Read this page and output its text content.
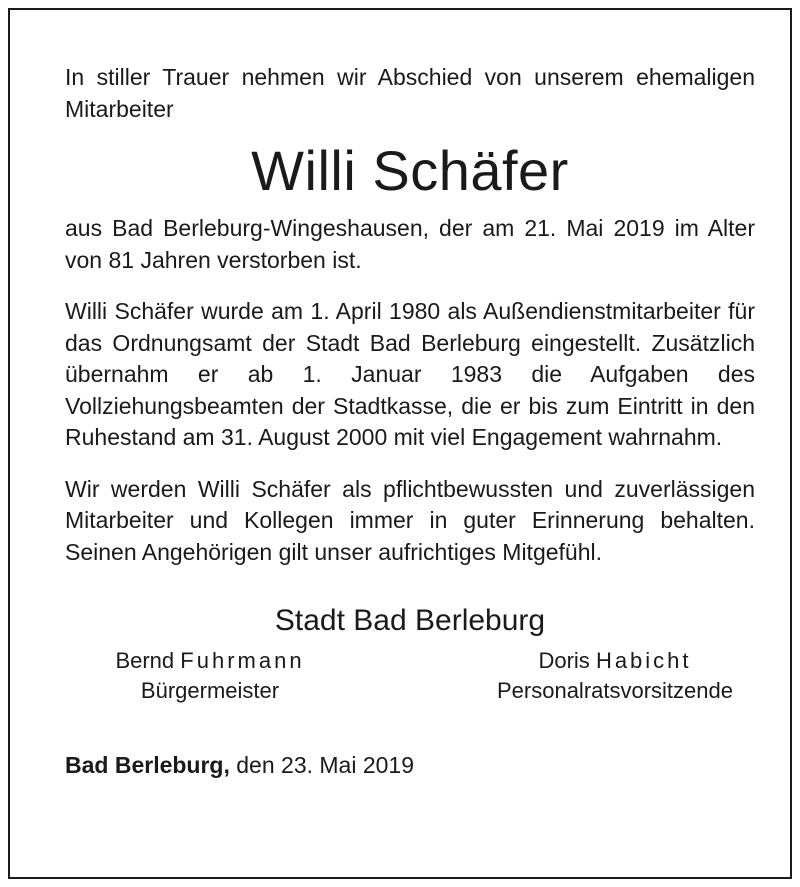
In stiller Trauer nehmen wir Abschied von unserem ehemaligen Mitarbeiter

Willi Schäfer

aus Bad Berleburg-Wingeshausen, der am 21. Mai 2019 im Alter von 81 Jahren verstorben ist.

Willi Schäfer wurde am 1. April 1980 als Außendienstmitarbeiter für das Ordnungsamt der Stadt Bad Berleburg eingestellt. Zusätzlich übernahm er ab 1. Januar 1983 die Aufgaben des Vollziehungsbeamten der Stadtkasse, die er bis zum Eintritt in den Ruhestand am 31. August 2000 mit viel Engagement wahrnahm.

Wir werden Willi Schäfer als pflichtbewussten und zuverlässigen Mitarbeiter und Kollegen immer in guter Erinnerung behalten. Seinen Angehörigen gilt unser aufrichtiges Mitgefühl.

Stadt Bad Berleburg
Bernd Fuhrmann
Bürgermeister
Doris Habicht
Personalratsvorsitzende
Bad Berleburg, den 23. Mai 2019
